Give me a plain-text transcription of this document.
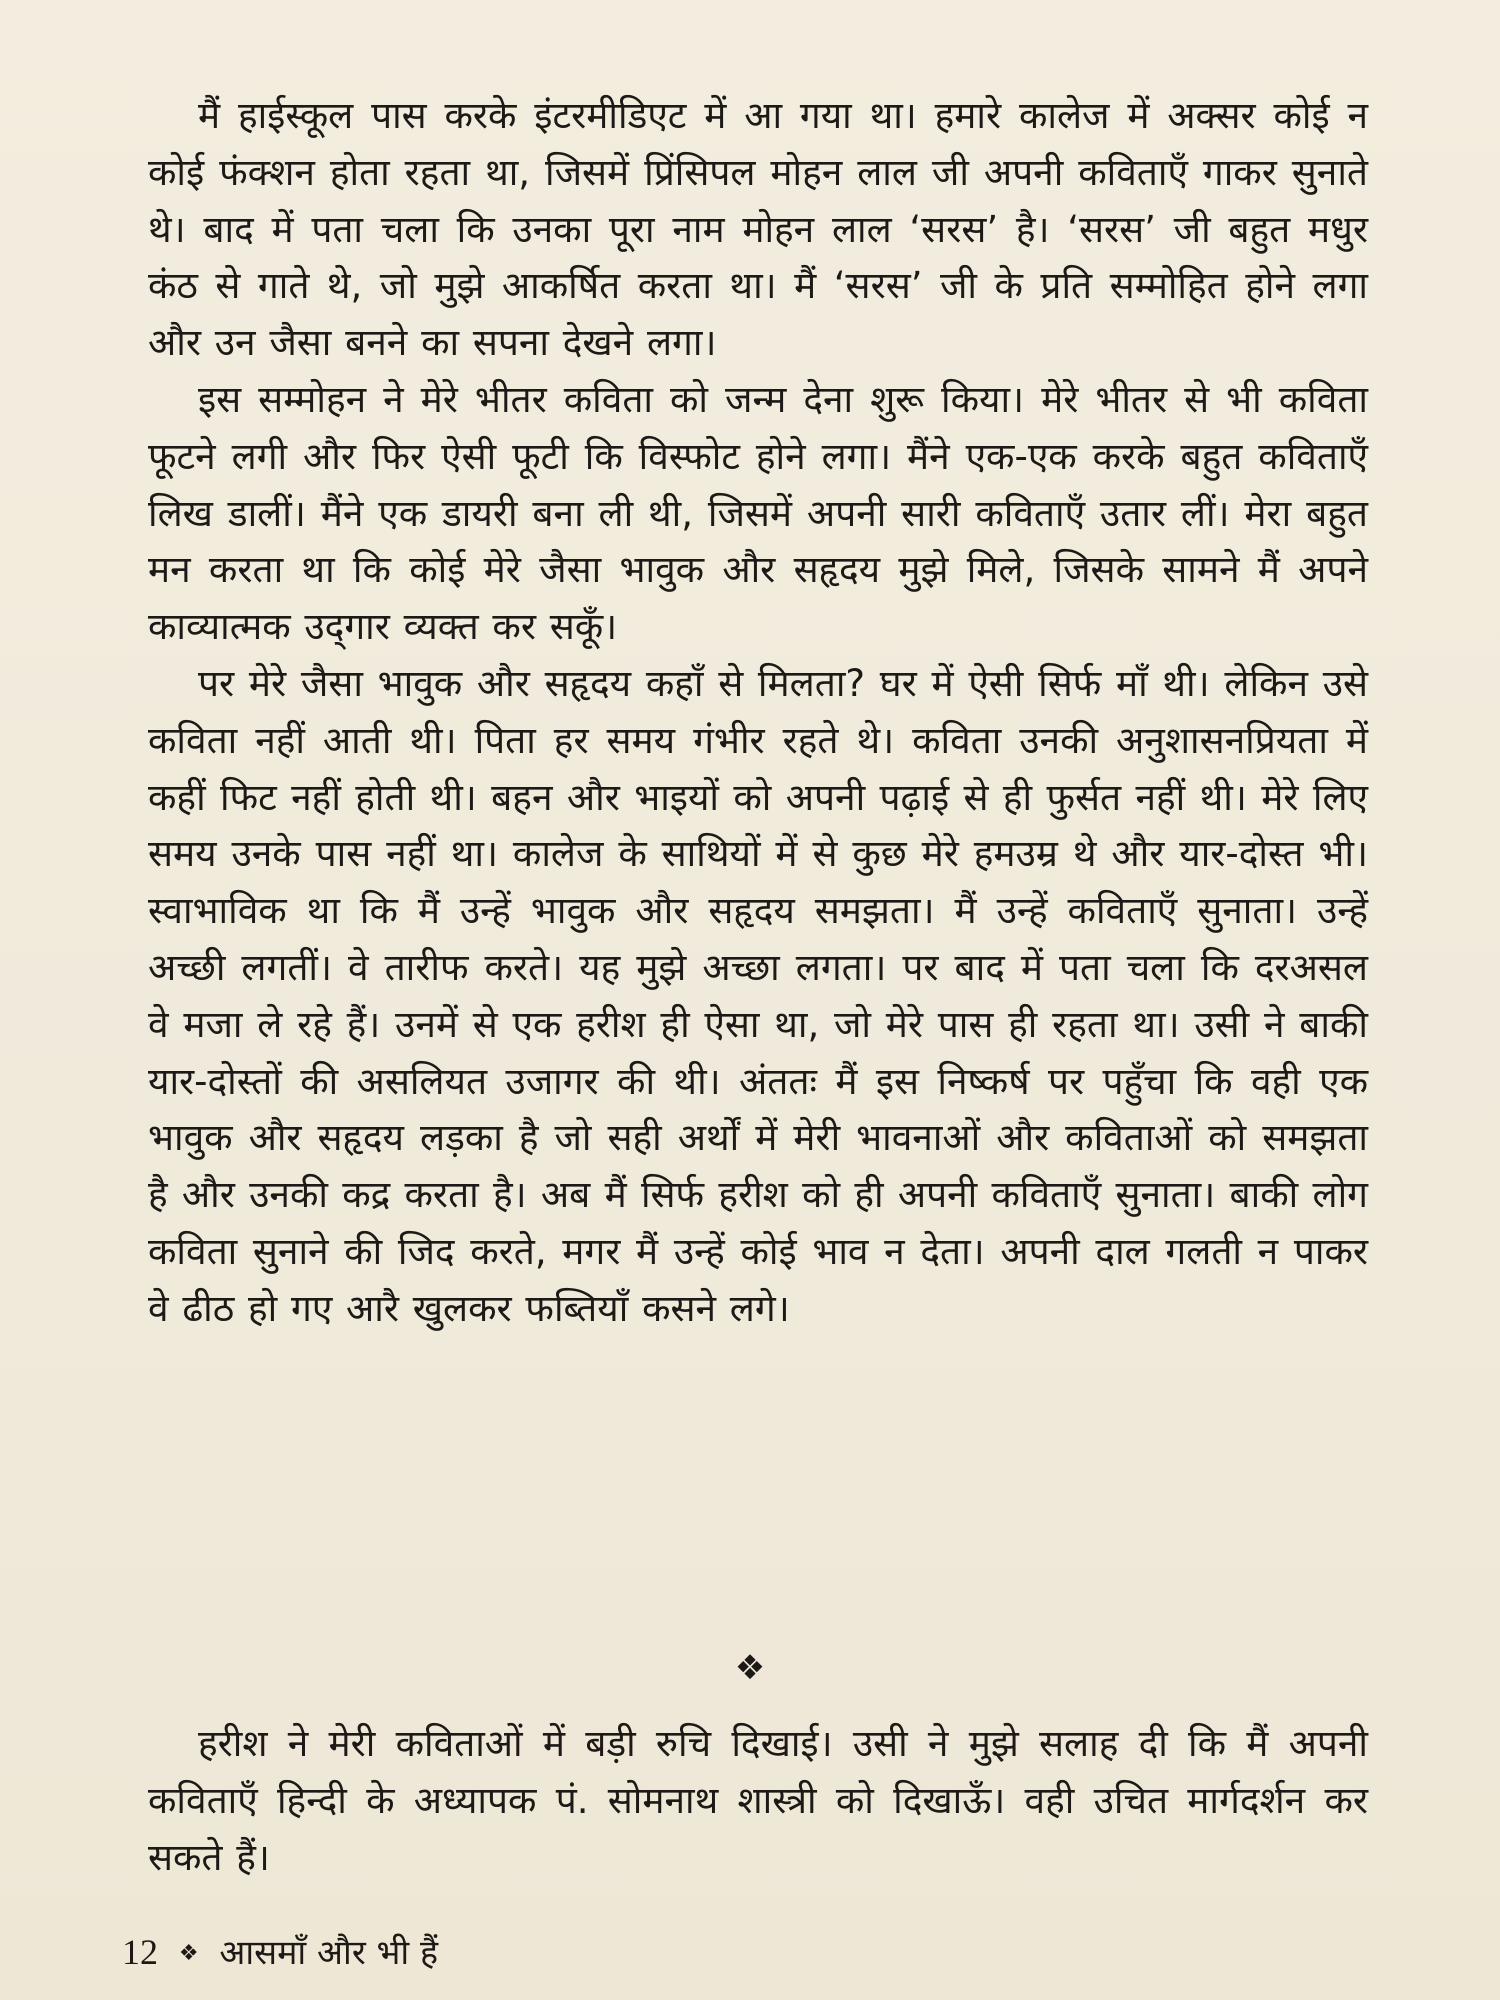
मैं हाईस्कूल पास करके इंटरमीडिएट में आ गया था। हमारे कालेज में अक्सर कोई न कोई फंक्शन होता रहता था, जिसमें प्रिंसिपल मोहन लाल जी अपनी कविताएँ गाकर सुनाते थे। बाद में पता चला कि उनका पूरा नाम मोहन लाल ‘सरस’ है। ‘सरस’ जी बहुत मधुर कंठ से गाते थे, जो मुझे आकर्षित करता था। मैं ‘सरस’ जी के प्रति सम्मोहित होने लगा और उन जैसा बनने का सपना देखने लगा।

इस सम्मोहन ने मेरे भीतर कविता को जन्म देना शुरू किया। मेरे भीतर से भी कविता फूटने लगी और फिर ऐसी फूटी कि विस्फोट होने लगा। मैंने एक-एक करके बहुत कविताएँ लिख डालीं। मैंने एक डायरी बना ली थी, जिसमें अपनी सारी कविताएँ उतार लीं। मेरा बहुत मन करता था कि कोई मेरे जैसा भावुक और सहृदय मुझे मिले, जिसके सामने मैं अपने काव्यात्मक उद्‌गार व्यक्त कर सकूँ।

पर मेरे जैसा भावुक और सहृदय कहाँ से मिलता? घर में ऐसी सिर्फ माँ थी। लेकिन उसे कविता नहीं आती थी। पिता हर समय गंभीर रहते थे। कविता उनकी अनुशासनप्रियता में कहीं फिट नहीं होती थी। बहन और भाइयों को अपनी पढ़ाई से ही फुर्सत नहीं थी। मेरे लिए समय उनके पास नहीं था। कालेज के साथियों में से कुछ मेरे हमउम्र थे और यार-दोस्त भी। स्वाभाविक था कि मैं उन्हें भावुक और सहृदय समझता। मैं उन्हें कविताएँ सुनाता। उन्हें अच्छी लगतीं। वे तारीफ करते। यह मुझे अच्छा लगता। पर बाद में पता चला कि दरअसल वे मजा ले रहे हैं। उनमें से एक हरीश ही ऐसा था, जो मेरे पास ही रहता था। उसी ने बाकी यार-दोस्तों की असलियत उजागर की थी। अंततः मैं इस निष्कर्ष पर पहुँचा कि वही एक भावुक और सहृदय लड़का है जो सही अर्थों में मेरी भावनाओं और कविताओं को समझता है और उनकी कद्र करता है। अब मैं सिर्फ हरीश को ही अपनी कविताएँ सुनाता। बाकी लोग कविता सुनाने की जिद करते, मगर मैं उन्हें कोई भाव न देता। अपनी दाल गलती न पाकर वे ढीठ हो गए आरै खुलकर फब्तियाँ कसने लगे।

❖

हरीश ने मेरी कविताओं में बड़ी रुचि दिखाई। उसी ने मुझे सलाह दी कि मैं अपनी कविताएँ हिन्दी के अध्यापक पं. सोमनाथ शास्त्री को दिखाऊँ। वही उचित मार्गदर्शन कर सकते हैं।

12 ❖ आसमाँ और भी हैं
